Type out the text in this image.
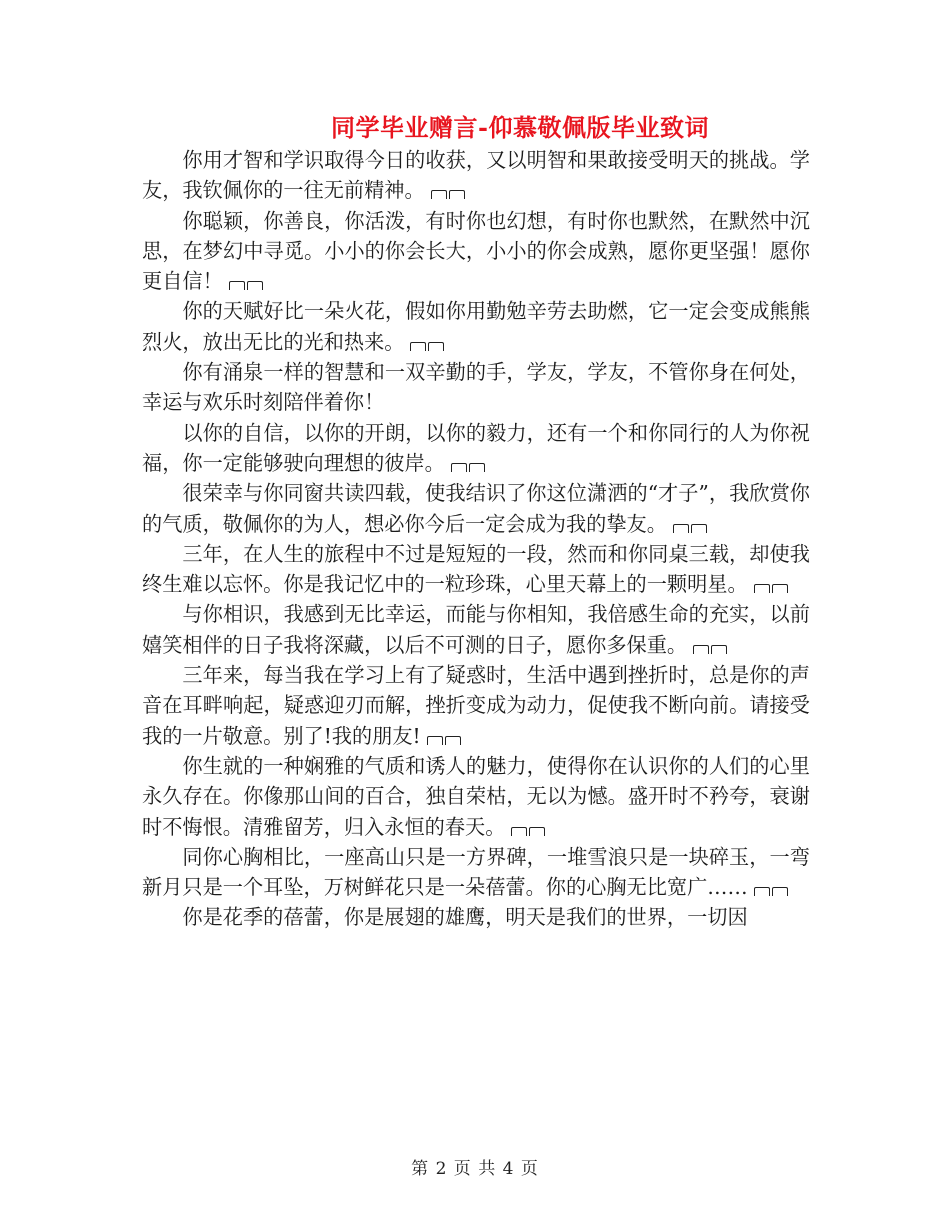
同学毕业赠言-仰慕敬佩版毕业致词

你用才智和学识取得今日的收获，又以明智和果敢接受明天的挑战。学友，我钦佩你的一往无前精神。

你聪颖，你善良，你活泼，有时你也幻想，有时你也默然，在默然中沉思，在梦幻中寻觅。小小的你会长大，小小的你会成熟，愿你更坚强！愿你更自信！

你的天赋好比一朵火花，假如你用勤勉辛劳去助燃，它一定会变成熊熊烈火，放出无比的光和热来。

你有涌泉一样的智慧和一双辛勤的手，学友，学友，不管你身在何处，幸运与欢乐时刻陪伴着你！

以你的自信，以你的开朗，以你的毅力，还有一个和你同行的人为你祝福，你一定能够驶向理想的彼岸。

很荣幸与你同窗共读四载，使我结识了你这位潇洒的“才子”，我欣赏你的气质，敬佩你的为人，想必你今后一定会成为我的挚友。

三年，在人生的旅程中不过是短短的一段，然而和你同桌三载，却使我终生难以忘怀。你是我记忆中的一粒珍珠，心里天幕上的一颗明星。

与你相识，我感到无比幸运，而能与你相知，我倍感生命的充实，以前嬉笑相伴的日子我将深藏，以后不可测的日子，愿你多保重。

三年来，每当我在学习上有了疑惑时，生活中遇到挫折时，总是你的声音在耳畔响起，疑惑迎刃而解，挫折变成为动力，促使我不断向前。请接受我的一片敬意。别了!我的朋友!

你生就的一种娴雅的气质和诱人的魅力，使得你在认识你的人们的心里永久存在。你像那山间的百合，独自荣枯，无以为憾。盛开时不矜夸，衰谢时不悔恨。清雅留芳，归入永恒的春天。

同你心胸相比，一座高山只是一方界碑，一堆雪浪只是一块碎玉，一弯新月只是一个耳坠，万树鲜花只是一朵蓓蕾。你的心胸无比宽广……

你是花季的蓓蕾，你是展翅的雄鹰，明天是我们的世界，一切因

第 2 页 共 4 页
